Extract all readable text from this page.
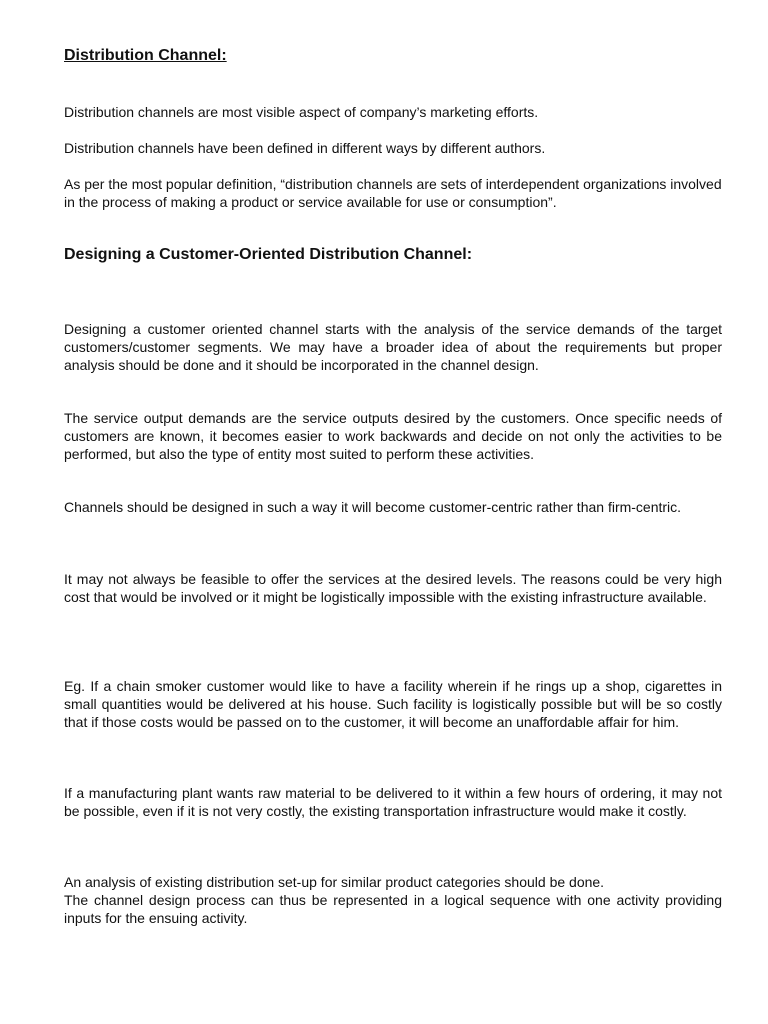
Distribution Channel:

Distribution channels are most visible aspect of company’s marketing efforts.

Distribution channels have been defined in different ways by different authors.

As per the most popular definition, “distribution channels are sets of interdependent organizations involved in the process of making a product or service available for use or consumption”.

Designing a Customer-Oriented Distribution Channel:

Designing a customer oriented channel starts with the analysis of the service demands of the target customers/customer segments. We may have a broader idea of about the requirements but proper analysis should be done and it should be incorporated in the channel design.

The service output demands are the service outputs desired by the customers. Once specific needs of customers are known, it becomes easier to work backwards and decide on not only the activities to be performed, but also the type of entity most suited to perform these activities.

Channels should be designed in such a way it will become customer-centric rather than firm-centric.

It may not always be feasible to offer the services at the desired levels. The reasons could be very high cost that would be involved or it might be logistically impossible with the existing infrastructure available.

Eg. If a chain smoker customer would like to have a facility wherein if he rings up a shop, cigarettes in small quantities would be delivered at his house. Such facility is logistically possible but will be so costly that if those costs would be passed on to the customer, it will become an unaffordable affair for him.

If a manufacturing plant wants raw material to be delivered to it within a few hours of ordering, it may not be possible, even if it is not very costly, the existing transportation infrastructure would make it costly.

An analysis of existing distribution set-up for similar product categories should be done.
The channel design process can thus be represented in a logical sequence with one activity providing inputs for the ensuing activity.
